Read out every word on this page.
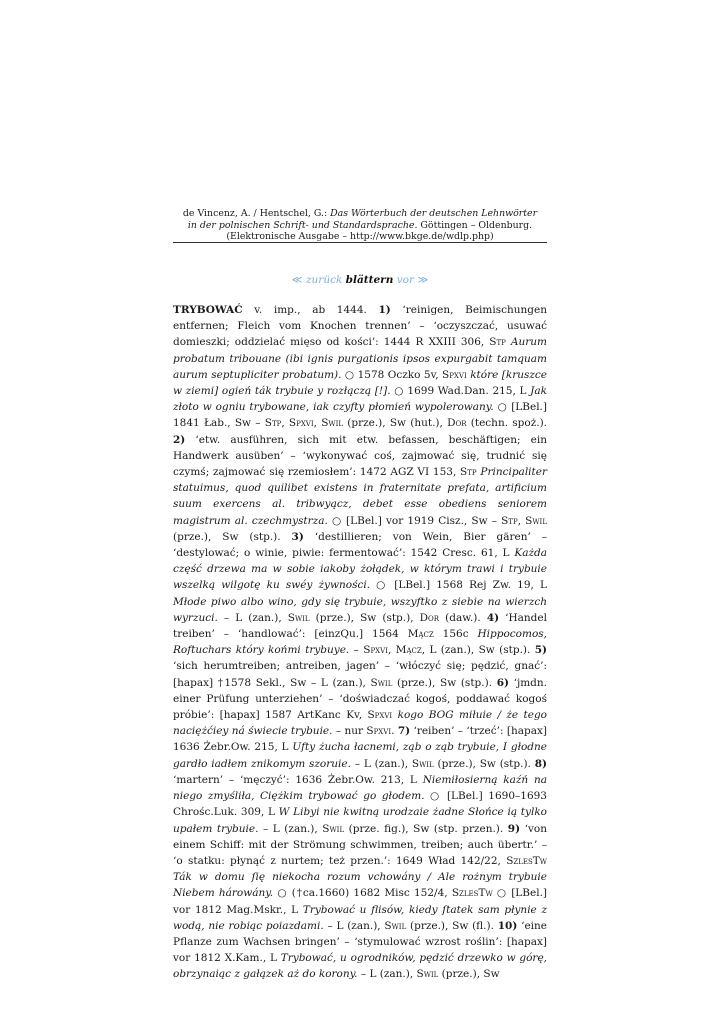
de Vincenz, A. / Hentschel, G.: Das Wörterbuch der deutschen Lehnwörter
in der polnischen Schrift- und Standardsprache. Göttingen – Oldenburg.
(Elektronische Ausgabe – http://www.bkge.de/wdlp.php)
≪ zurück blättern vor ≫

TRYBOWAĆ v. imp., ab 1444. 1) ‘reinigen, Beimischungen entfernen; Fleich vom Knochen trennen’ – ‘oczyszczać, usuwać domieszki; oddzielać mięso od kości’: 1444 R XXIII 306, Stp Aurum probatum tribouane (ibi ignis purgationis ipsos expurgabit tamquam aurum septupliciter probatum). ○ 1578 Oczko 5v, Spxvi które [kruszce w ziemi] ogień ták trybuie y rozłączą [!]. ○ 1699 Wad.Dan. 215, L Jak złoto w ogniu trybowane, iak czyfty płomień wypolerowany. ○ [LBel.] 1841 Łab., Sw – Stp, Spxvi, Swil (prze.), Sw (hut.), Dor (techn. spoż.). 2) ‘etw. ausführen, sich mit etw. befassen, beschäftigen; ein Handwerk ausüben’ – ‘wykonywać coś, zajmować się, trudnić się czymś; zajmować się rzemiosłem’: 1472 AGZ VI 153, Stp Principaliter statuimus, quod quilibet existens in fraternitate prefata, artificium suum exercens al. tribwyącz, debet esse obediens seniorem magistrum al. czechmystrza. ○ [LBel.] vor 1919 Cisz., Sw – Stp, Swil (prze.), Sw (stp.). 3) ‘destillieren; von Wein, Bier gären’ – ‘destylować; o winie, piwie: fermentować’: 1542 Cresc. 61, L Każda część drzewa ma w sobie iakoby żołądek, w którym trawi i trybuie wszelką wilgotę ku swéy żywności. ○ [LBel.] 1568 Rej Zw. 19, L Młode piwo albo wino, gdy się trybuie, wszyftko z siebie na wierzch wyrzuci. – L (zan.), Swil (prze.), Sw (stp.), Dor (daw.). 4) ‘Handel treiben’ – ‘handlować’: [einzQu.] 1564 Mącz 156c Hippocomos, Roftuchars który końmi trybuye. – Spxvi, Mącz, L (zan.), Sw (stp.). 5) ‘sich herumtreiben; antreiben, jagen’ – ‘włóczyć się; pędzić, gnać’: [hapax] †1578 Sekl., Sw – L (zan.), Swil (prze.), Sw (stp.). 6) ‘jmdn. einer Prüfung unterziehen’ – ‘doświadczać kogoś, poddawać kogoś próbie’: [hapax] 1587 ArtKanc Kv, Spxvi kogo BOG miłuie / że tego naciężćiey ná świecie trybuie. – nur Spxvi. 7) ‘reiben’ – ‘trzeć’: [hapax] 1636 Żebr.Ow. 215, L Ufty żucha łacnemi, ząb o ząb trybuie, I głodne gardło iadłem znikomym szoruie. – L (zan.), Swil (prze.), Sw (stp.). 8) ‘martern’ – ‘męczyć’: 1636 Żebr.Ow. 213, L Niemiłosierną kaźń na niego zmyśliła, Ciężkim trybować go głodem. ○ [LBel.] 1690–1693 Chrośc.Luk. 309, L W Libyi nie kwitną urodzaie żadne Słońce ią tylko upałem trybuie. – L (zan.), Swil (prze. fig.), Sw (stp. przen.). 9) ‘von einem Schiff: mit der Strömung schwimmen, treiben; auch übertr.’ – ‘o statku: płynąć z nurtem; też przen.’: 1649 Wład 142/22, SzlesTw Ták w domu ſię niekocha rozum vchowány / Ale rożnym trybuie Niebem hárowány. ○ (†ca.1660) 1682 Misc 152/4, SzlesTw ○ [LBel.] vor 1812 Mag.Mskr., L Trybować u flisów, kiedy ſtatek sam płynie z wodą, nie robiąc poiazdami. – L (zan.), Swil (prze.), Sw (fl.). 10) ‘eine Pflanze zum Wachsen bringen’ – ‘stymulować wzrost roślin’: [hapax] vor 1812 X.Kam., L Trybować, u ogrodników, pędzić drzewko w górę, obrzynaiąc z gałązek aż do korony. – L (zan.), Swil (prze.), Sw
